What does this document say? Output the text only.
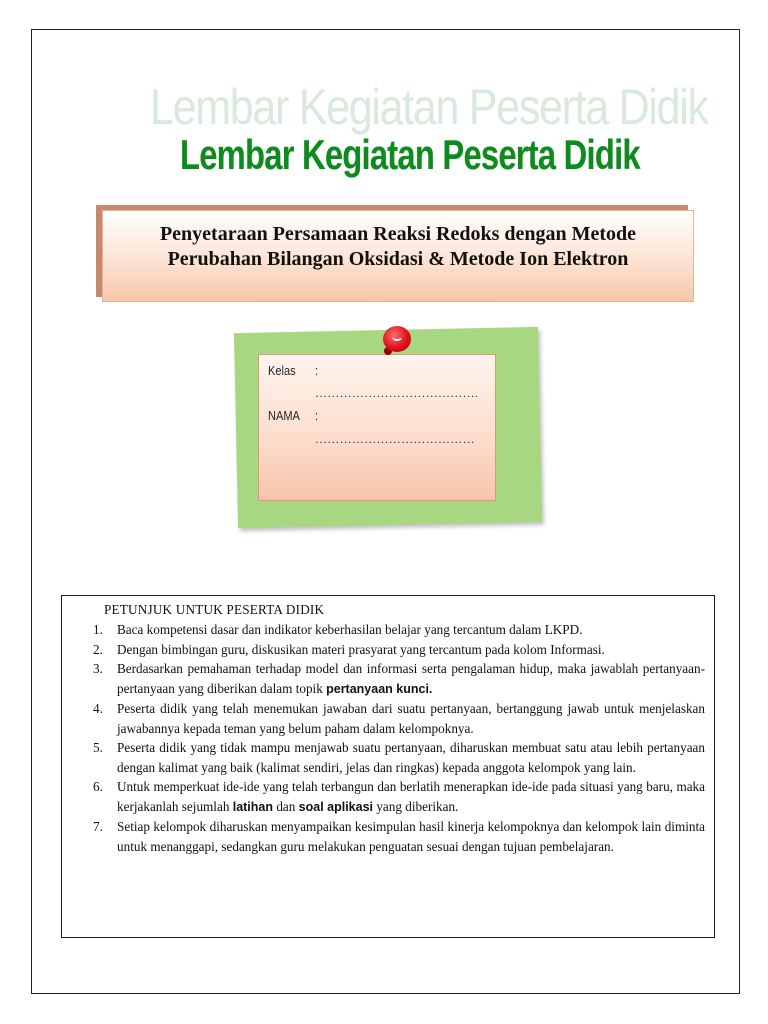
Lembar Kegiatan Peserta Didik
Lembar Kegiatan Peserta Didik
Penyetaraan Persamaan Reaksi Redoks dengan Metode
Perubahan Bilangan Oksidasi & Metode Ion Elektron
Kelas :
………………………………….
NAMA :
…………………………………
PETUNJUK UNTUK PESERTA DIDIK
1. Baca kompetensi dasar dan indikator keberhasilan belajar yang tercantum dalam LKPD.
2. Dengan bimbingan guru, diskusikan materi prasyarat yang tercantum pada kolom Informasi.
3. Berdasarkan pemahaman terhadap model dan informasi serta pengalaman hidup, maka jawablah pertanyaan-pertanyaan yang diberikan dalam topik pertanyaan kunci.
4. Peserta didik yang telah menemukan jawaban dari suatu pertanyaan, bertanggung jawab untuk menjelaskan jawabannya kepada teman yang belum paham dalam kelompoknya.
5. Peserta didik yang tidak mampu menjawab suatu pertanyaan, diharuskan membuat satu atau lebih pertanyaan dengan kalimat yang baik (kalimat sendiri, jelas dan ringkas) kepada anggota kelompok yang lain.
6. Untuk memperkuat ide-ide yang telah terbangun dan berlatih menerapkan ide-ide pada situasi yang baru, maka kerjakanlah sejumlah latihan dan soal aplikasi yang diberikan.
7. Setiap kelompok diharuskan menyampaikan kesimpulan hasil kinerja kelompoknya dan kelompok lain diminta untuk menanggapi, sedangkan guru melakukan penguatan sesuai dengan tujuan pembelajaran.
